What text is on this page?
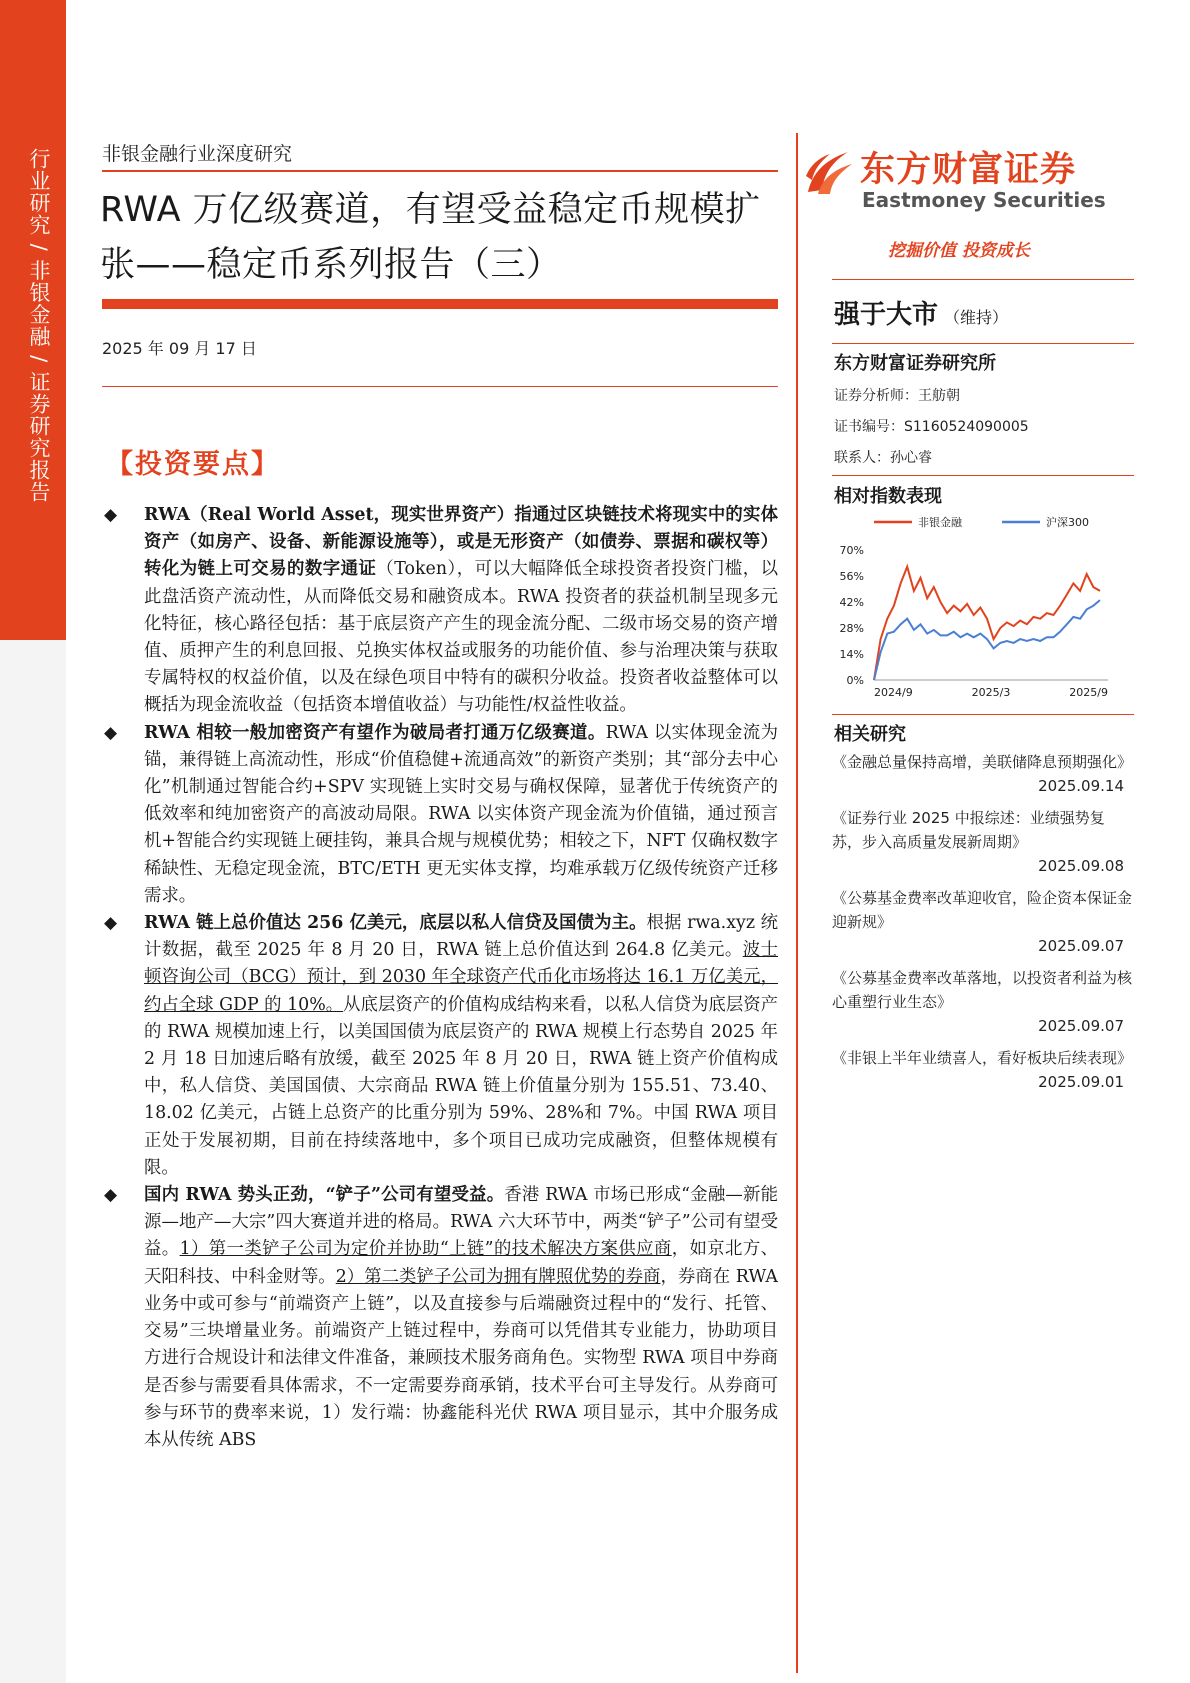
行业研究 / 非银金融 / 证券研究报告	非银金融行业深度研究
RWA 万亿级赛道，有望受益稳定币规模扩张——稳定币系列报告（三）
2025 年 09 月 17 日
【投资要点】
◆ RWA（Real World Asset，现实世界资产）指通过区块链技术将现实中的实体资产（如房产、设备、新能源设施等），或是无形资产（如债券、票据和碳权等）转化为链上可交易的数字通证（Token），可以大幅降低全球投资者投资门槛，以此盘活资产流动性，从而降低交易和融资成本。RWA 投资者的获益机制呈现多元化特征，核心路径包括：基于底层资产产生的现金流分配、二级市场交易的资产增值、质押产生的利息回报、兑换实体权益或服务的功能价值、参与治理决策与获取专属特权的权益价值，以及在绿色项目中特有的碳积分收益。投资者收益整体可以概括为现金流收益（包括资本增值收益）与功能性/权益性收益。
◆ RWA 相较一般加密资产有望作为破局者打通万亿级赛道。RWA 以实体现金流为锚，兼得链上高流动性，形成“价值稳健+流通高效”的新资产类别；其“部分去中心化”机制通过智能合约+SPV 实现链上实时交易与确权保障，显著优于传统资产的低效率和纯加密资产的高波动局限。RWA 以实体资产现金流为价值锚，通过预言机+智能合约实现链上硬挂钩，兼具合规与规模优势；相较之下，NFT 仅确权数字稀缺性、无稳定现金流，BTC/ETH 更无实体支撑，均难承载万亿级传统资产迁移需求。
◆ RWA 链上总价值达 256 亿美元，底层以私人信贷及国债为主。根据 rwa.xyz 统计数据，截至 2025 年 8 月 20 日，RWA 链上总价值达到 264.8 亿美元。波士顿咨询公司（BCG）预计，到 2030 年全球资产代币化市场将达 16.1 万亿美元，约占全球 GDP 的 10%。从底层资产的价值构成结构来看，以私人信贷为底层资产的 RWA 规模加速上行，以美国国债为底层资产的 RWA 规模上行态势自 2025 年 2 月 18 日加速后略有放缓，截至 2025 年 8 月 20 日，RWA 链上资产价值构成中，私人信贷、美国国债、大宗商品 RWA 链上价值量分别为 155.51、73.40、18.02 亿美元，占链上总资产的比重分别为 59%、28%和 7%。中国 RWA 项目正处于发展初期，目前在持续落地中，多个项目已成功完成融资，但整体规模有限。
◆ 国内 RWA 势头正劲，“铲子”公司有望受益。香港 RWA 市场已形成“金融—新能源—地产—大宗”四大赛道并进的格局。RWA 六大环节中，两类“铲子”公司有望受益。1）第一类铲子公司为定价并协助“上链”的技术解决方案供应商，如京北方、天阳科技、中科金财等。2）第二类铲子公司为拥有牌照优势的券商，券商在 RWA 业务中或可参与“前端资产上链”，以及直接参与后端融资过程中的“发行、托管、交易”三块增量业务。前端资产上链过程中，券商可以凭借其专业能力，协助项目方进行合规设计和法律文件准备，兼顾技术服务商角色。实物型 RWA 项目中券商是否参与需要看具体需求，不一定需要券商承销，技术平台可主导发行。从券商可参与环节的费率来说，1）发行端：协鑫能科光伏 RWA 项目显示，其中介服务成本从传统 ABS
东方财富证券
Eastmoney Securities
挖掘价值 投资成长
强于大市 （维持）
东方财富证券研究所
证券分析师：王舫朝
证书编号：S1160524090005
联系人：孙心睿
相对指数表现
非银金融	沪深300
70%
56%
42%
28%
14%
0%
2024/9	2025/3	2025/9
相关研究
《金融总量保持高增，美联储降息预期强化》
2025.09.14
《证券行业 2025 中报综述：业绩强势复苏，步入高质量发展新周期》
2025.09.08
《公募基金费率改革迎收官，险企资本保证金迎新规》
2025.09.07
《公募基金费率改革落地，以投资者利益为核心重塑行业生态》
2025.09.07
《非银上半年业绩喜人，看好板块后续表现》
2025.09.01
